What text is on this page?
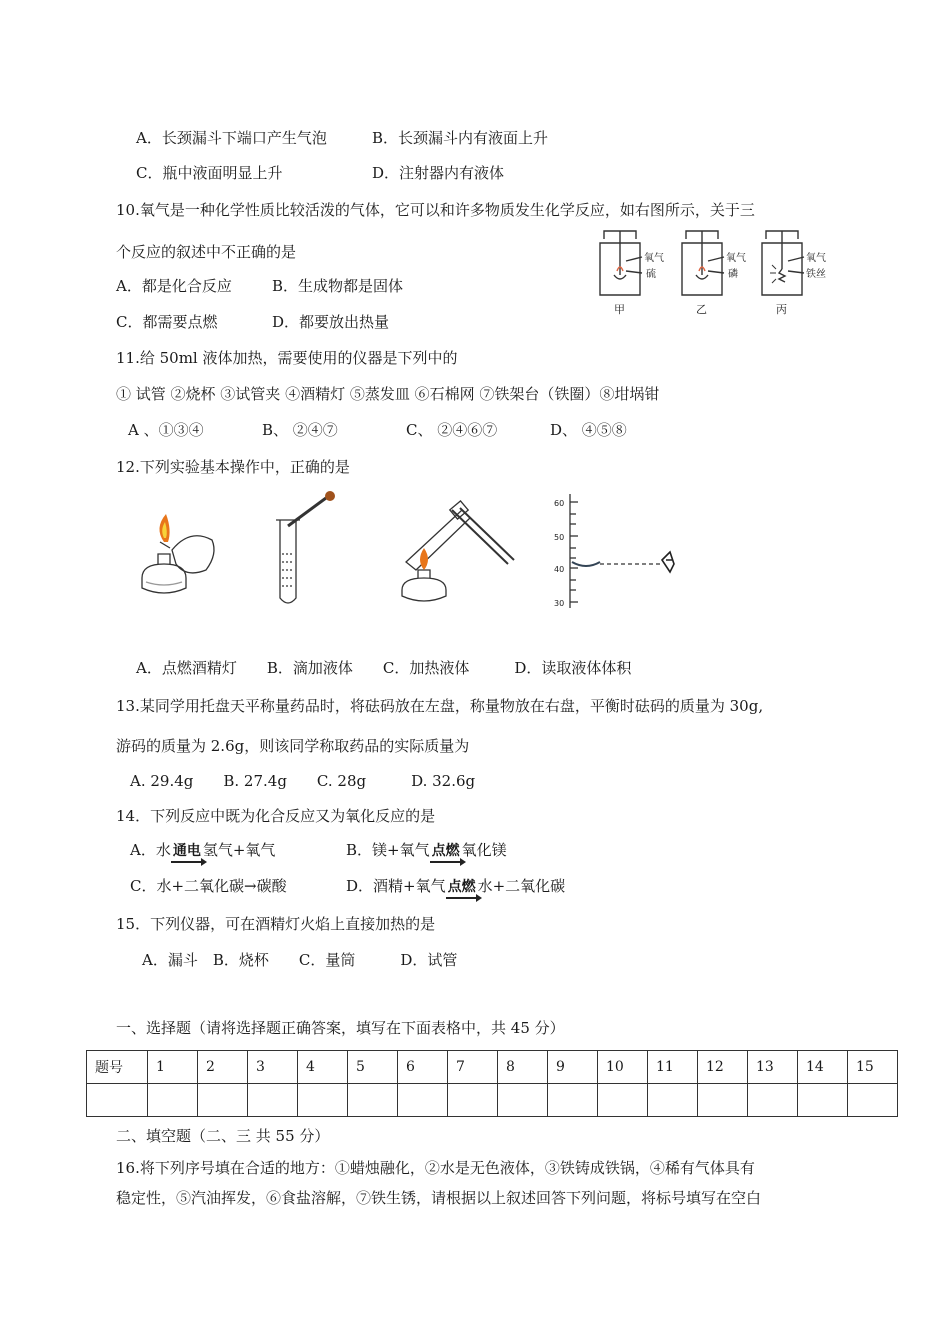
A．长颈漏斗下端口产生气泡	B．长颈漏斗内有液面上升
C．瓶中液面明显上升	D．注射器内有液体
10.氧气是一种化学性质比较活泼的气体，它可以和许多物质发生化学反应，如右图所示，关于三
个反应的叙述中不正确的是
A．都是化合反应	B．生成物都是固体
C．都需要点燃	D．都要放出热量
氧气
硫
甲
氧气
磷
乙
氧气
铁丝
丙
11.给 50ml 液体加热，需要使用的仪器是下列中的
① 试管 ②烧杯 ③试管夹 ④酒精灯 ⑤蒸发皿 ⑥石棉网 ⑦铁架台（铁圈）⑧坩埚钳
A 、①③④	B、 ②④⑦	C、 ②④⑥⑦	D、 ④⑤⑧
12.下列实验基本操作中，正确的是
60
50
40
30
A．点燃酒精灯　　B．滴加液体　　C．加热液体　　　D．读取液体体积
13.某同学用托盘天平称量药品时，将砝码放在左盘，称量物放在右盘，平衡时砝码的质量为 30g,
游码的质量为 2.6g，则该同学称取药品的实际质量为
A. 29.4g　　B. 27.4g　　C. 28g　　　D. 32.6g
14．下列反应中既为化合反应又为氧化反应的是
A．水 通电 氢气+氧气	B．镁+氧气 点燃 氧化镁
C．水+二氧化碳→碳酸	D．酒精+氧气 点燃 水+二氧化碳
15．下列仪器，可在酒精灯火焰上直接加热的是
A．漏斗　B．烧杯　　C．量筒　　　D．试管
一、选择题（请将选择题正确答案，填写在下面表格中，共 45 分）
题号	1	2	3	4	5	6	7	8	9	10	11	12	13	14	15

二、填空题（二、三 共 55 分）
16.将下列序号填在合适的地方：①蜡烛融化，②水是无色液体，③铁铸成铁锅，④稀有气体具有
稳定性，⑤汽油挥发，⑥食盐溶解，⑦铁生锈，请根据以上叙述回答下列问题，将标号填写在空白
